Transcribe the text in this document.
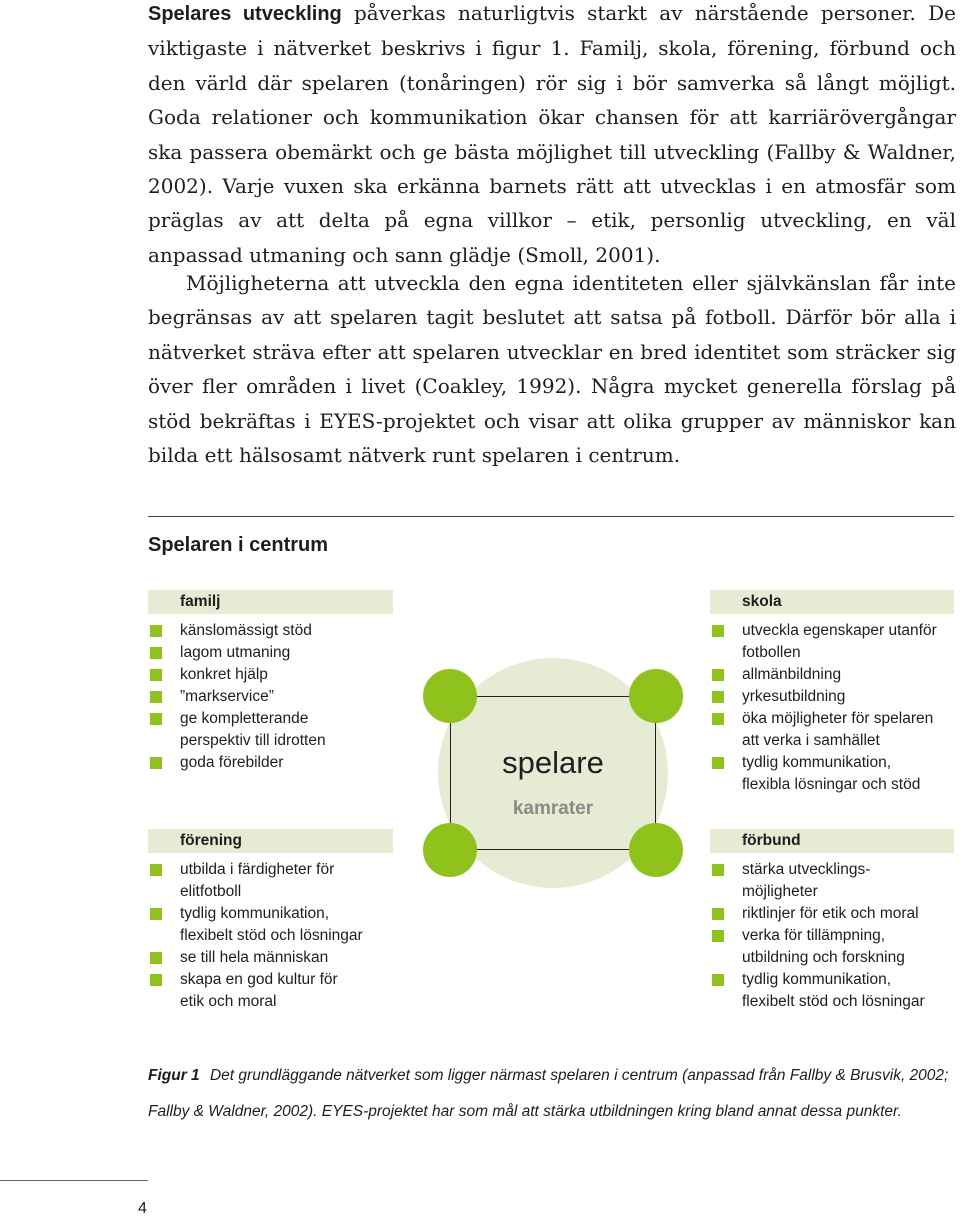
Spelares utveckling påverkas naturligtvis starkt av närstående personer. De viktigaste i nätverket beskrivs i figur 1. Familj, skola, förening, förbund och den värld där spelaren (tonåringen) rör sig i bör samverka så långt möjligt. Goda relationer och kommunikation ökar chansen för att karriärövergångar ska passera obemärkt och ge bästa möjlighet till utveckling (Fallby & Waldner, 2002). Varje vuxen ska erkänna barnets rätt att utvecklas i en atmosfär som präglas av att delta på egna villkor – etik, personlig utveckling, en väl anpassad utmaning och sann glädje (Smoll, 2001).

Möjligheterna att utveckla den egna identiteten eller självkänslan får inte begränsas av att spelaren tagit beslutet att satsa på fotboll. Därför bör alla i nätverket sträva efter att spelaren utvecklar en bred identitet som sträcker sig över fler områden i livet (Coakley, 1992). Några mycket generella förslag på stöd bekräftas i EYES-projektet och visar att olika grupper av människor kan bilda ett hälsosamt nätverk runt spelaren i centrum.

Spelaren i centrum
familj
känslomässigt stöd
lagom utmaning
konkret hjälp
”markservice”
ge kompletterande
perspektiv till idrotten
goda förebilder
förening
utbilda i färdigheter för
elitfotboll
tydlig kommunikation,
flexibelt stöd och lösningar
se till hela människan
skapa en god kultur för
etik och moral
skola
utveckla egenskaper utanför
fotbollen
allmänbildning
yrkesutbildning
öka möjligheter för spelaren
att verka i samhället
tydlig kommunikation,
flexibla lösningar och stöd
förbund
stärka utvecklings-
möjligheter
riktlinjer för etik och moral
verka för tillämpning,
utbildning och forskning
tydlig kommunikation,
flexibelt stöd och lösningar
spelare
kamrater
Figur 1 Det grundläggande nätverket som ligger närmast spelaren i centrum (anpassad från Fallby & Brusvik, 2002; Fallby & Waldner, 2002). EYES-projektet har som mål att stärka utbildningen kring bland annat dessa punkter.
4
